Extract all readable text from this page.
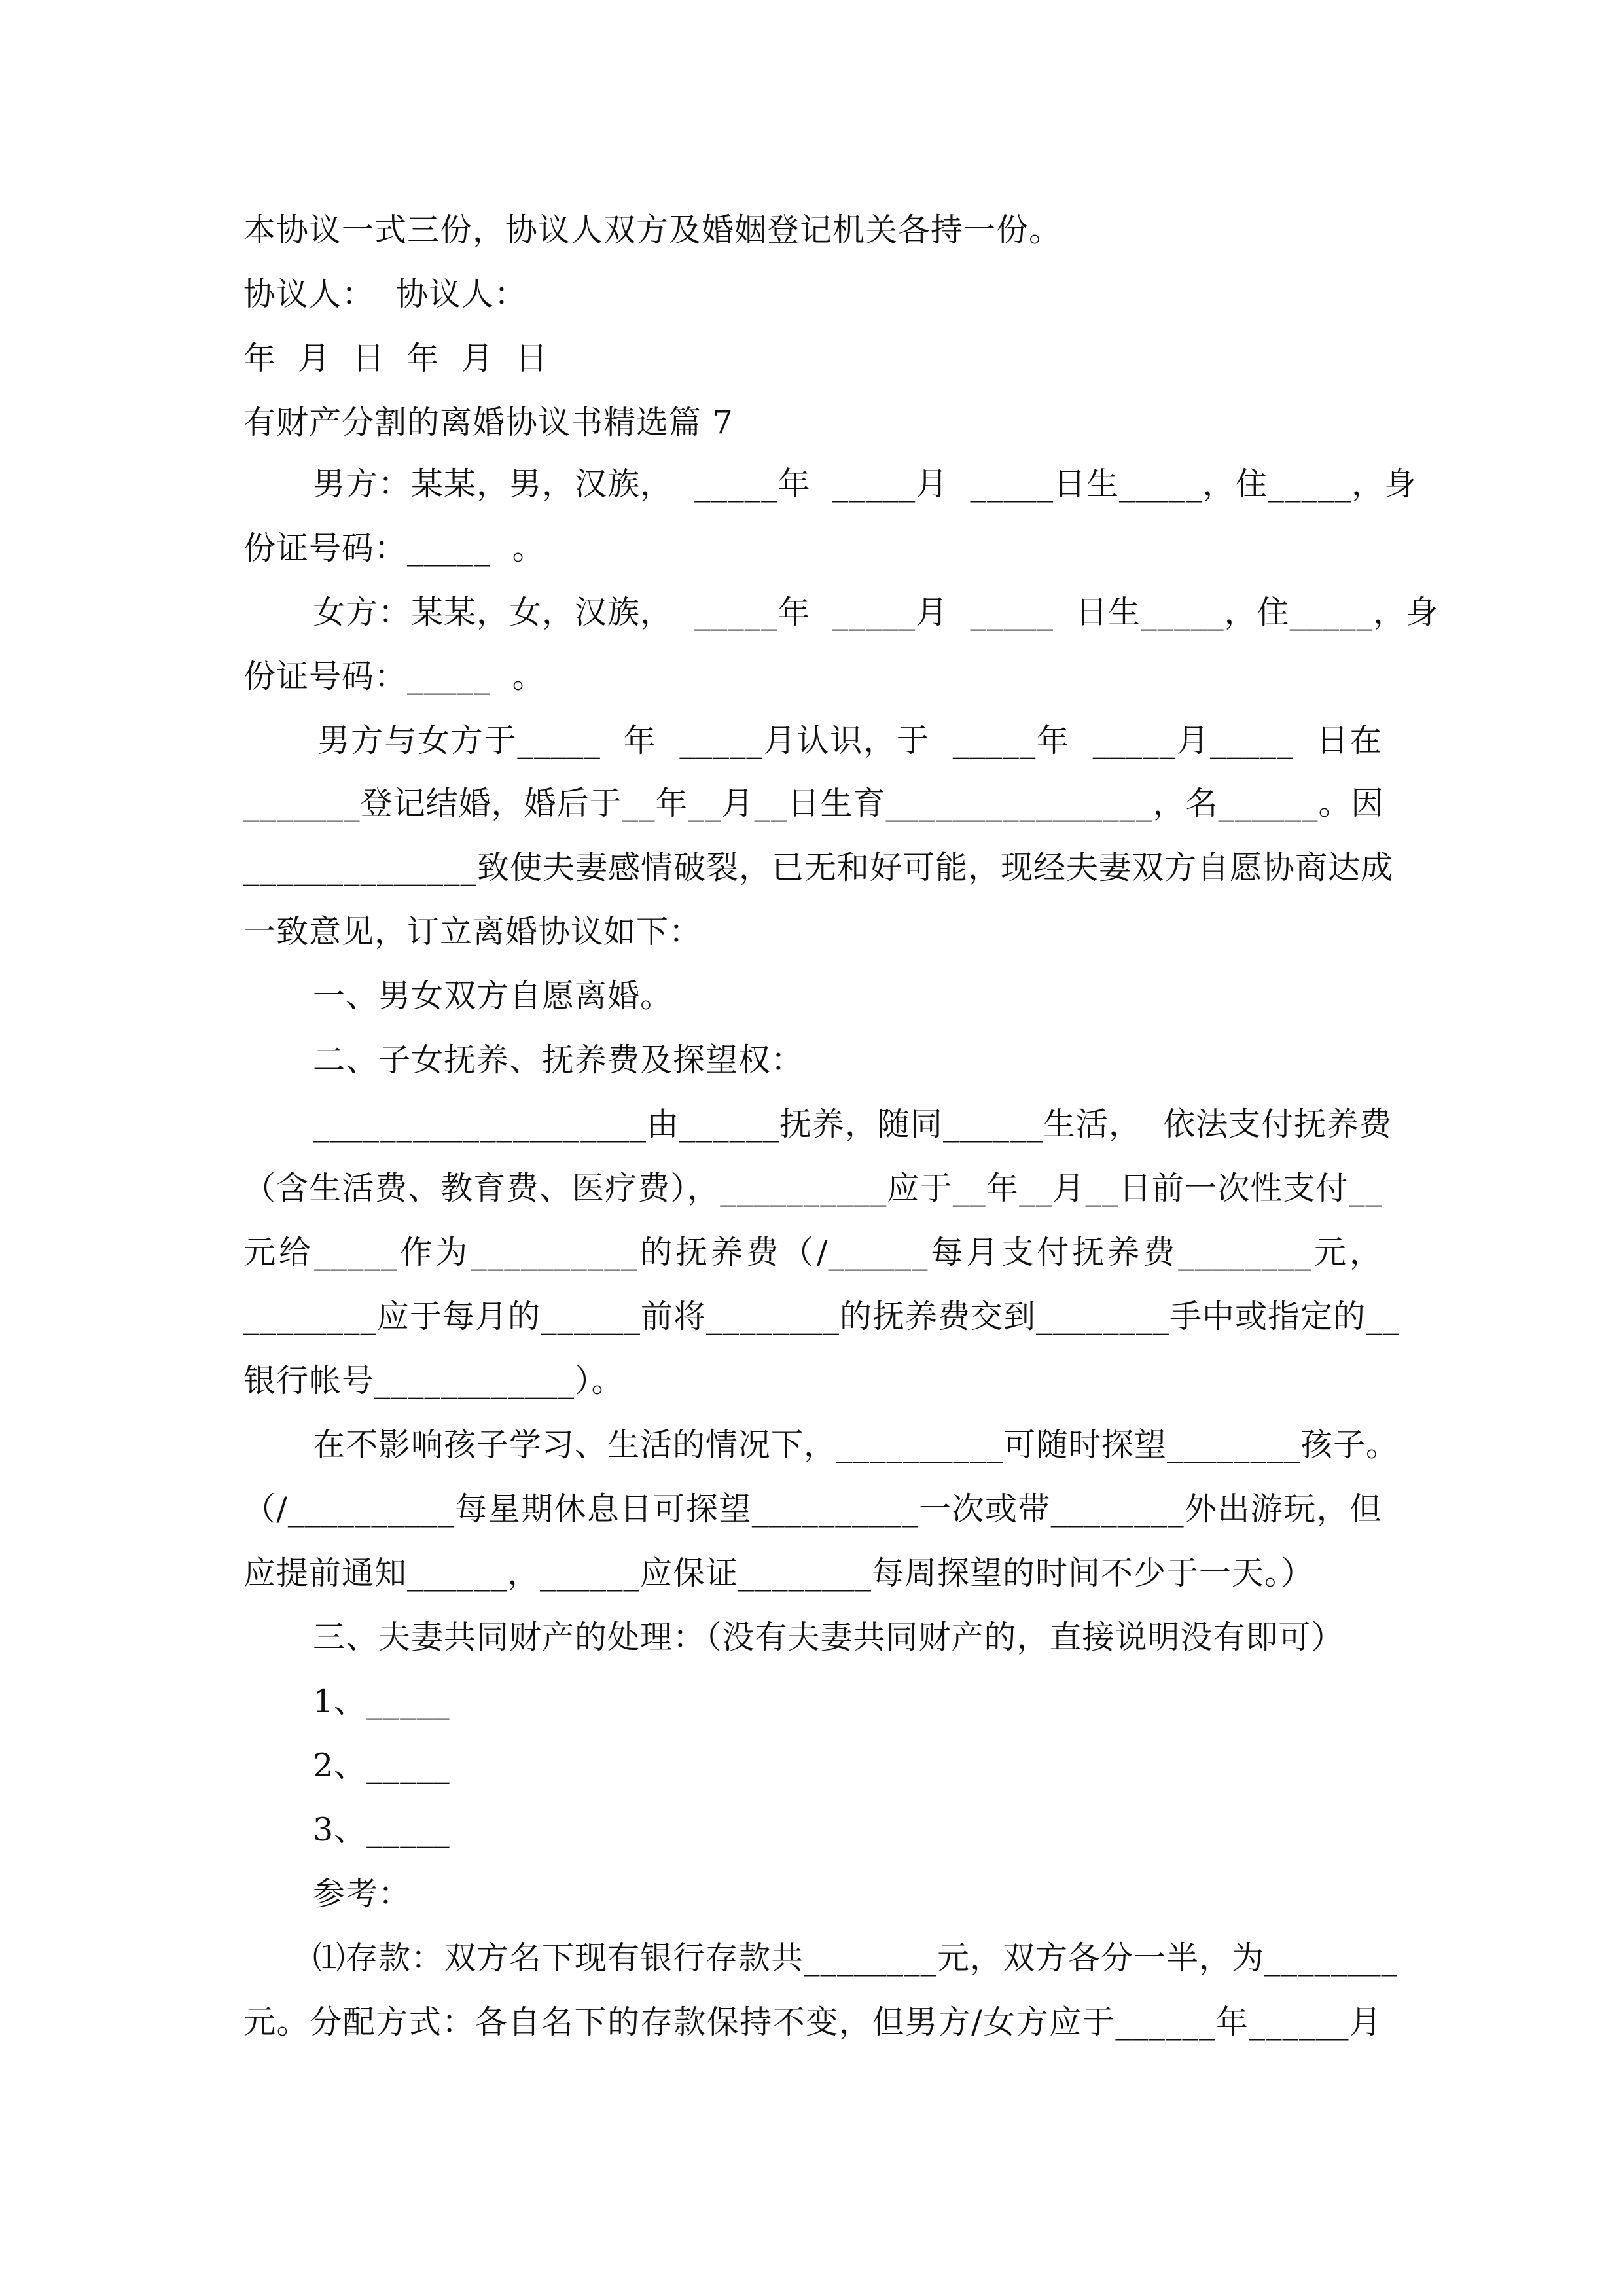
本协议一式三份，协议人双方及婚姻登记机关各持一份。
协议人：  协议人：
年  月  日  年  月  日
有财产分割的离婚协议书精选篇 7
男方：某某，男，汉族，  _____年  _____月  _____日生_____，住_____，身
份证号码：_____  。
女方：某某，女，汉族，  _____年  _____月  _____  日生_____，住_____，身
份证号码：_____  。
男方与女方于_____  年  _____月认识，于  _____年  _____月_____  日在
_______登记结婚，婚后于__年__月__日生育________________，名______。因
______________致使夫妻感情破裂，已无和好可能，现经夫妻双方自愿协商达成
一致意见，订立离婚协议如下：
一、男女双方自愿离婚。
二、子女抚养、抚养费及探望权：
____________________由______抚养，随同______生活，  依法支付抚养费
（含生活费、教育费、医疗费），__________应于__年__月__日前一次性支付__
元给_____作为__________的抚养费（/______每月支付抚养费________元，
________应于每月的______前将________的抚养费交到________手中或指定的__
银行帐号____________）。
在不影响孩子学习、生活的情况下，__________可随时探望________孩子。
（/__________每星期休息日可探望__________一次或带________外出游玩，但
应提前通知______，______应保证________每周探望的时间不少于一天。）
三、夫妻共同财产的处理：（没有夫妻共同财产的，直接说明没有即可）
1、_____
2、_____
3、_____
参考：
⑴存款：双方名下现有银行存款共________元，双方各分一半，为________
元。分配方式：各自名下的存款保持不变，但男方/女方应于______年______月
